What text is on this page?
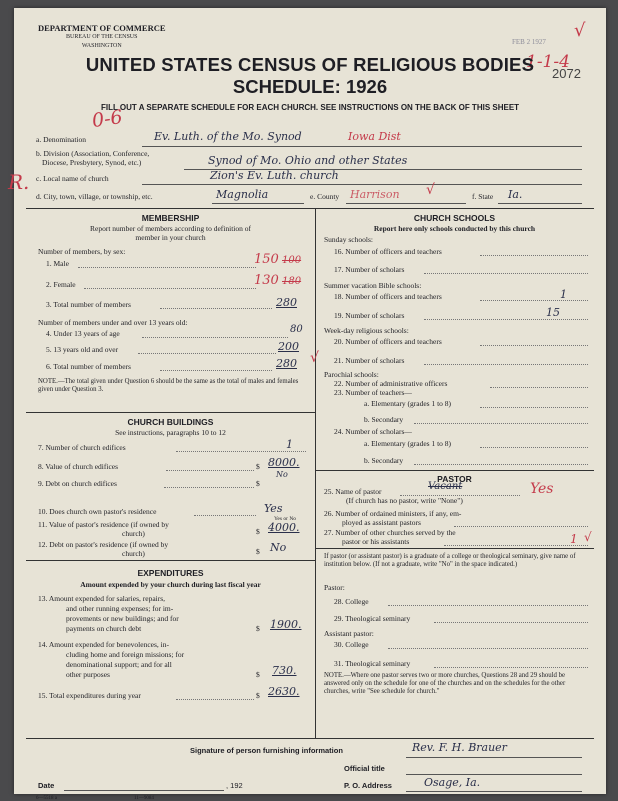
DEPARTMENT OF COMMERCE
BUREAU OF THE CENSUS
WASHINGTON	FEB 2 1927
√
1-1-4
2072
0-6
UNITED STATES CENSUS OF RELIGIOUS BODIES
SCHEDULE: 1926
FILL OUT A SEPARATE SCHEDULE FOR EACH CHURCH. SEE INSTRUCTIONS ON THE BACK OF THIS SHEET
a. Denomination	Ev. Luth. of the Mo. Synod	Iowa Dist
b. Division (Association, Conference,
Diocese, Presbytery, Synod, etc.)	Synod of Mo. Ohio and other States
c. Local name of church	Zion's Ev. Luth. church
R.
d. City, town, village, or township, etc.	Magnolia	e. County Harrison √	f. State Ia.
MEMBERSHIP
Report number of members according to definition of
member in your church
Number of members, by sex:
1. Male	150 100
2. Female	130 180
3. Total number of members	280
Number of members under and over 13 years old:
4. Under 13 years of age	80
5. 13 years old and over	200
6. Total number of members	280 √
NOTE.—The total given under Question 6 should be the same as the total of males and females given under Question 3.
CHURCH BUILDINGS
See instructions, paragraphs 10 to 12
7. Number of church edifices	1
8. Value of church edifices	$ 8000.
9. Debt on church edifices	$
No
10. Does church own pastor's residence	Yes
Yes or No
11. Value of pastor's residence (if owned by
church)	$ 4000.
12. Debt on pastor's residence (if owned by
church)	$ No
EXPENDITURES
Amount expended by your church during last fiscal year
13. Amount expended for salaries, repairs,
and other running expenses; for im-
provements or new buildings; and for
payments on church debt	$ 1900.
14. Amount expended for benevolences, in-
cluding home and foreign missions; for
denominational support; and for all
other purposes	$ 730.
15. Total expenditures during year	$ 2630.
CHURCH SCHOOLS
Report here only schools conducted by this church
Sunday schools:
16. Number of officers and teachers
17. Number of scholars
Summer vacation Bible schools:
18. Number of officers and teachers	1
19. Number of scholars	15
Week-day religious schools:
20. Number of officers and teachers
21. Number of scholars
Parochial schools:
22. Number of administrative officers
23. Number of teachers—
a. Elementary (grades 1 to 8)
b. Secondary
24. Number of scholars—
a. Elementary (grades 1 to 8)
b. Secondary
PASTOR
25. Name of pastor	Vacant	Yes
(If church has no pastor, write "None")
26. Number of ordained ministers, if any, em-
ployed as assistant pastors
27. Number of other churches served by the
pastor or his assistants	1 √
If pastor (or assistant pastor) is a graduate of a college or theological seminary, give name of institution below. (If not a graduate, write "No" in the space indicated.)
Pastor:
28. College
29. Theological seminary
Assistant pastor:
30. College
31. Theological seminary
NOTE.—Where one pastor serves two or more churches, Questions 28 and 29 should be answered only on the schedule for one of the churches and on the schedules for the other churches, write "See schedule for church."
Signature of person furnishing information	Rev. F. H. Brauer
Official title
Date	, 192	P. O. Address	Osage, Ia.
6—5518 a	11—9084
